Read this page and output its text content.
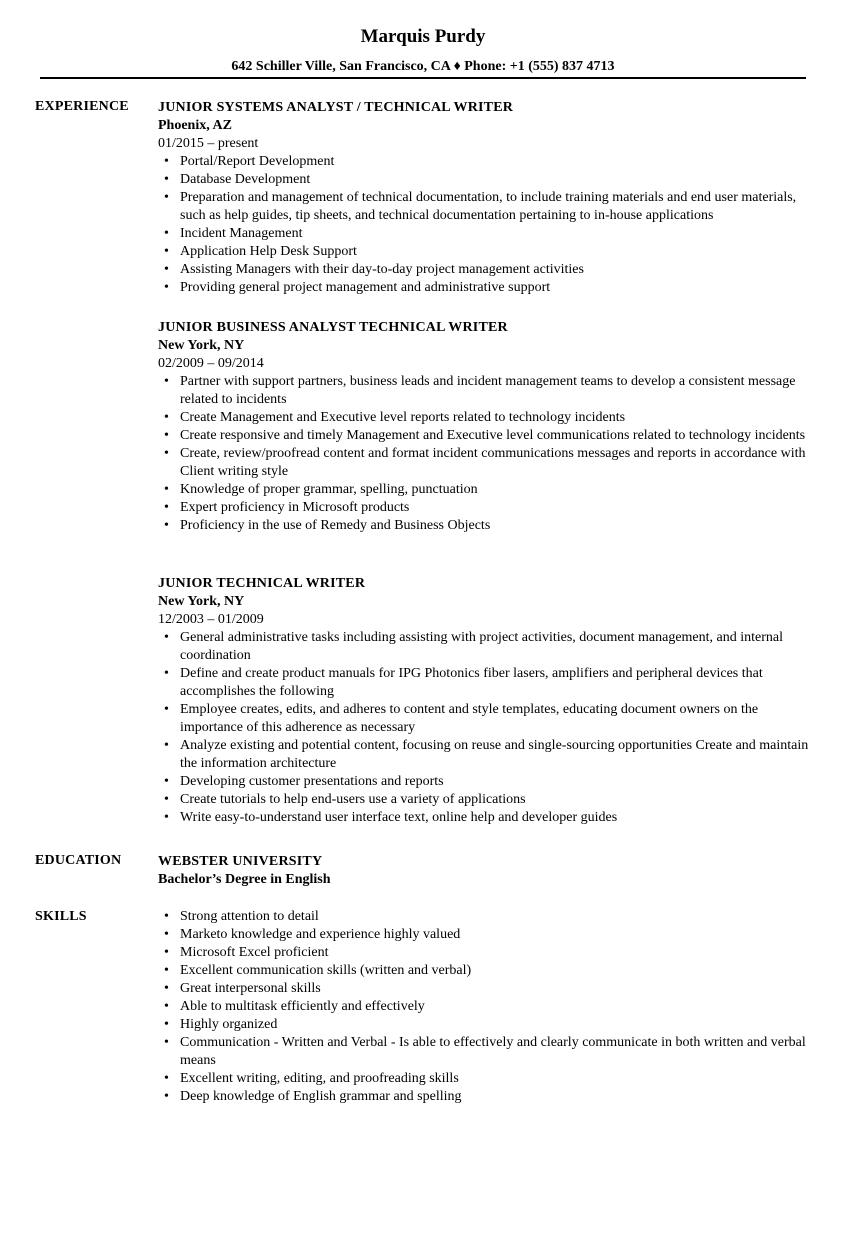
Marquis Purdy
642 Schiller Ville, San Francisco, CA ♦ Phone: +1 (555) 837 4713
EXPERIENCE JUNIOR SYSTEMS ANALYST / TECHNICAL WRITER
Phoenix, AZ
01/2015 – present
• Portal/Report Development
• Database Development
• Preparation and management of technical documentation, to include training materials and end user materials, such as help guides, tip sheets, and technical documentation pertaining to in-house applications
• Incident Management
• Application Help Desk Support
• Assisting Managers with their day-to-day project management activities
• Providing general project management and administrative support
JUNIOR BUSINESS ANALYST TECHNICAL WRITER
New York, NY
02/2009 – 09/2014
• Partner with support partners, business leads and incident management teams to develop a consistent message related to incidents
• Create Management and Executive level reports related to technology incidents
• Create responsive and timely Management and Executive level communications related to technology incidents
• Create, review/proofread content and format incident communications messages and reports in accordance with Client writing style
• Knowledge of proper grammar, spelling, punctuation
• Expert proficiency in Microsoft products
• Proficiency in the use of Remedy and Business Objects
JUNIOR TECHNICAL WRITER
New York, NY
12/2003 – 01/2009
• General administrative tasks including assisting with project activities, document management, and internal coordination
• Define and create product manuals for IPG Photonics fiber lasers, amplifiers and peripheral devices that accomplishes the following
• Employee creates, edits, and adheres to content and style templates, educating document owners on the importance of this adherence as necessary
• Analyze existing and potential content, focusing on reuse and single-sourcing opportunities Create and maintain the information architecture
• Developing customer presentations and reports
• Create tutorials to help end-users use a variety of applications
• Write easy-to-understand user interface text, online help and developer guides
EDUCATION	WEBSTER UNIVERSITY
Bachelor’s Degree in English
SKILLS
•	Strong attention to detail
• Marketo knowledge and experience highly valued
• Microsoft Excel proficient
• Excellent communication skills (written and verbal)
• Great interpersonal skills
• Able to multitask efficiently and effectively
• Highly organized
• Communication - Written and Verbal - Is able to effectively and clearly communicate in both written and verbal means
• Excellent writing, editing, and proofreading skills
• Deep knowledge of English grammar and spelling
